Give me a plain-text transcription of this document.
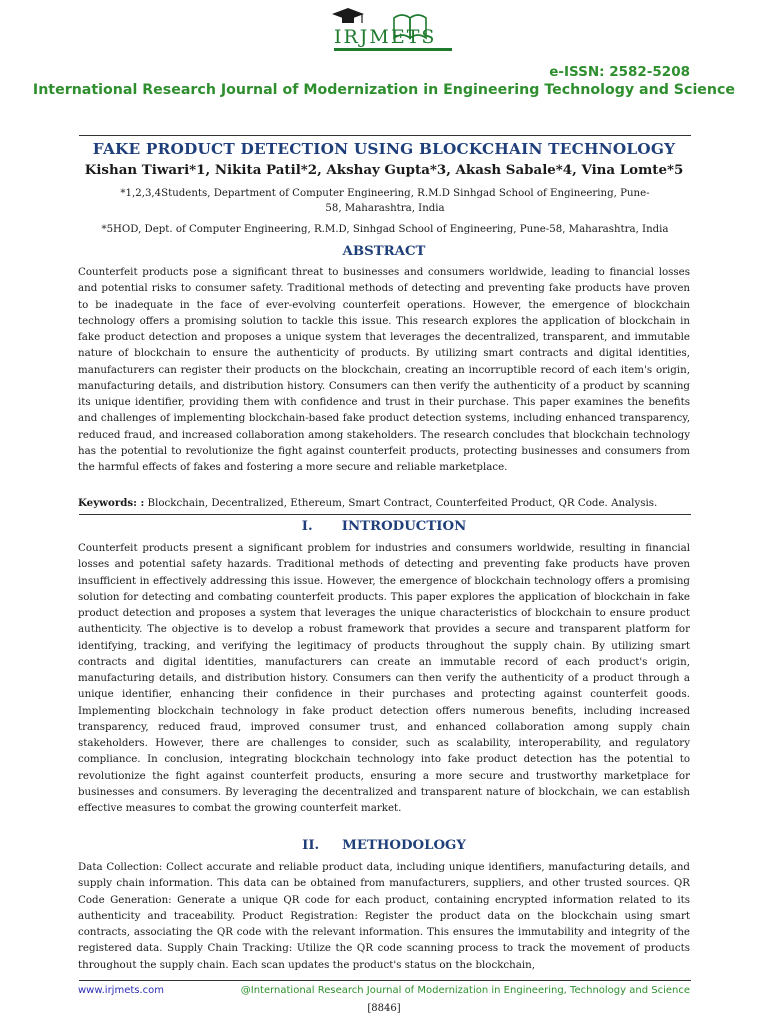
IRJMETS
e-ISSN: 2582-5208
International Research Journal of Modernization in Engineering Technology and Science
FAKE PRODUCT DETECTION USING BLOCKCHAIN TECHNOLOGY
Kishan Tiwari*1, Nikita Patil*2, Akshay Gupta*3, Akash Sabale*4, Vina Lomte*5
*1,2,3,4Students, Department of Computer Engineering, R.M.D Sinhgad School of Engineering, Pune- 58, Maharashtra, India
*5HOD, Dept. of Computer Engineering, R.M.D, Sinhgad School of Engineering, Pune-58, Maharashtra, India
ABSTRACT
Counterfeit products pose a significant threat to businesses and consumers worldwide, leading to financial losses and potential risks to consumer safety. Traditional methods of detecting and preventing fake products have proven to be inadequate in the face of ever-evolving counterfeit operations. However, the emergence of blockchain technology offers a promising solution to tackle this issue. This research explores the application of blockchain in fake product detection and proposes a unique system that leverages the decentralized, transparent, and immutable nature of blockchain to ensure the authenticity of products. By utilizing smart contracts and digital identities, manufacturers can register their products on the blockchain, creating an incorruptible record of each item's origin, manufacturing details, and distribution history. Consumers can then verify the authenticity of a product by scanning its unique identifier, providing them with confidence and trust in their purchase. This paper examines the benefits and challenges of implementing blockchain-based fake product detection systems, including enhanced transparency, reduced fraud, and increased collaboration among stakeholders. The research concludes that blockchain technology has the potential to revolutionize the fight against counterfeit products, protecting businesses and consumers from the harmful effects of fakes and fostering a more secure and reliable marketplace.
Keywords: : Blockchain, Decentralized, Ethereum, Smart Contract, Counterfeited Product, QR Code. Analysis.
I. INTRODUCTION
Counterfeit products present a significant problem for industries and consumers worldwide, resulting in financial losses and potential safety hazards. Traditional methods of detecting and preventing fake products have proven insufficient in effectively addressing this issue. However, the emergence of blockchain technology offers a promising solution for detecting and combating counterfeit products. This paper explores the application of blockchain in fake product detection and proposes a system that leverages the unique characteristics of blockchain to ensure product authenticity. The objective is to develop a robust framework that provides a secure and transparent platform for identifying, tracking, and verifying the legitimacy of products throughout the supply chain. By utilizing smart contracts and digital identities, manufacturers can create an immutable record of each product's origin, manufacturing details, and distribution history. Consumers can then verify the authenticity of a product through a unique identifier, enhancing their confidence in their purchases and protecting against counterfeit goods. Implementing blockchain technology in fake product detection offers numerous benefits, including increased transparency, reduced fraud, improved consumer trust, and enhanced collaboration among supply chain stakeholders. However, there are challenges to consider, such as scalability, interoperability, and regulatory compliance. In conclusion, integrating blockchain technology into fake product detection has the potential to revolutionize the fight against counterfeit products, ensuring a more secure and trustworthy marketplace for businesses and consumers. By leveraging the decentralized and transparent nature of blockchain, we can establish effective measures to combat the growing counterfeit market.
II. METHODOLOGY
Data Collection: Collect accurate and reliable product data, including unique identifiers, manufacturing details, and supply chain information. This data can be obtained from manufacturers, suppliers, and other trusted sources. QR Code Generation: Generate a unique QR code for each product, containing encrypted information related to its authenticity and traceability. Product Registration: Register the product data on the blockchain using smart contracts, associating the QR code with the relevant information. This ensures the immutability and integrity of the registered data. Supply Chain Tracking: Utilize the QR code scanning process to track the movement of products throughout the supply chain. Each scan updates the product's status on the blockchain,
www.irjmets.com	@International Research Journal of Modernization in Engineering, Technology and Science
[8846]
